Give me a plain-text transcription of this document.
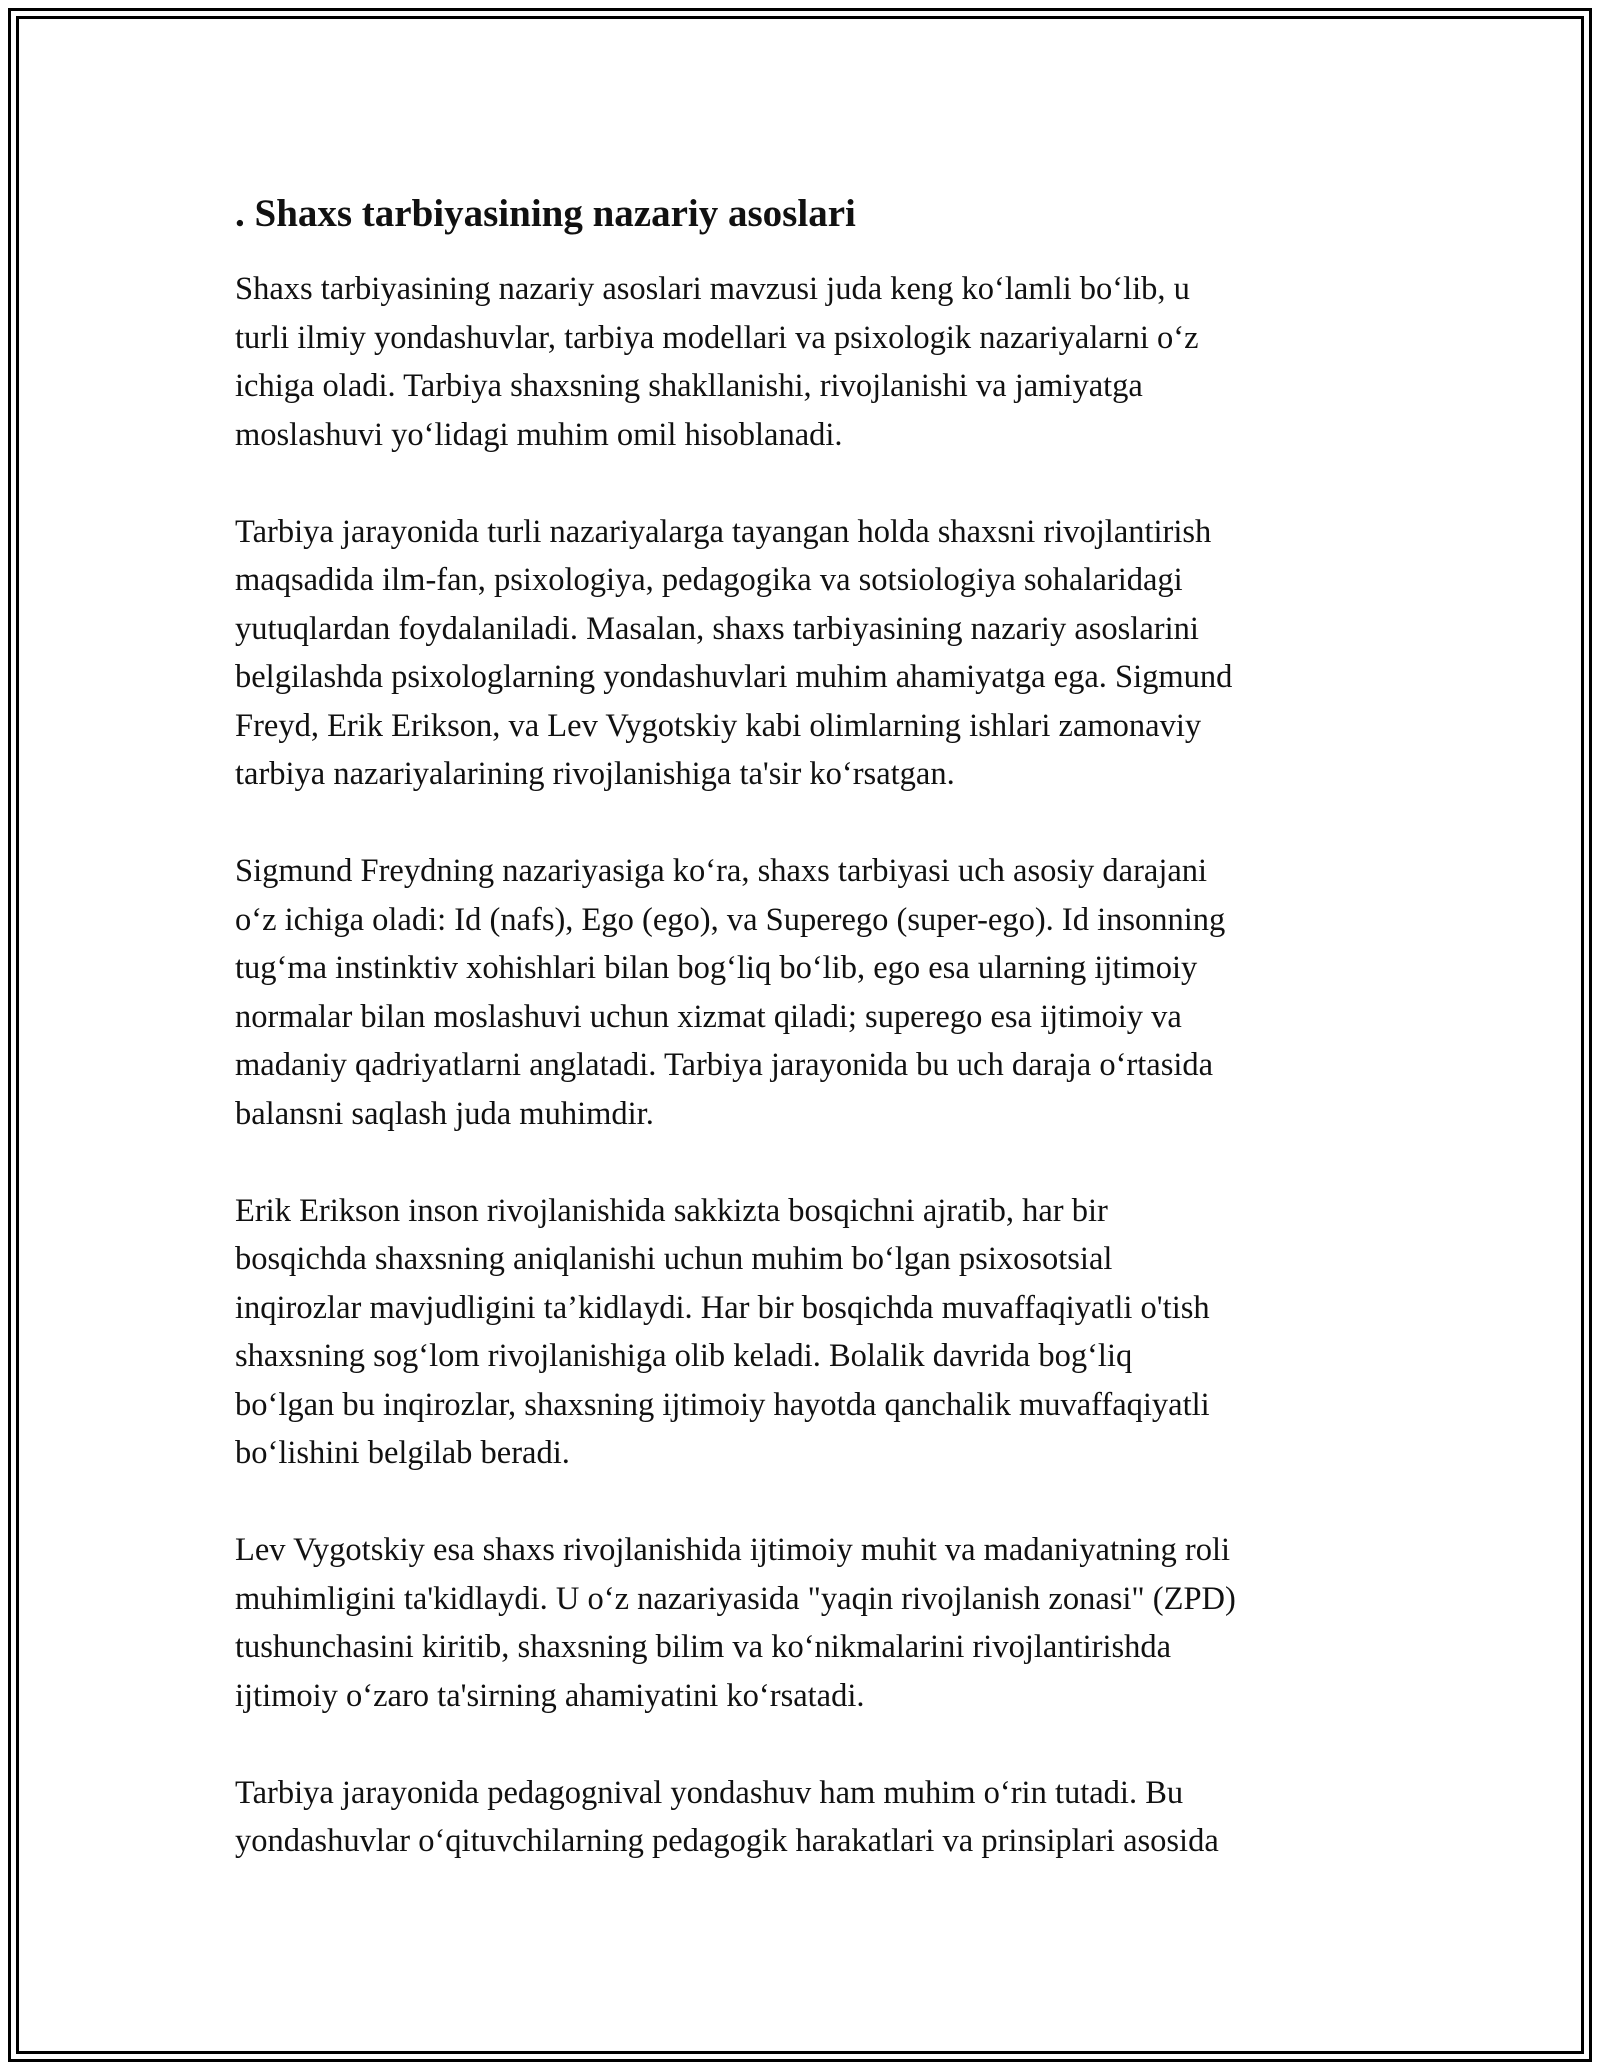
. Shaxs tarbiyasining nazariy asoslari
Shaxs tarbiyasining nazariy asoslari mavzusi juda keng ko‘lamli bo‘lib, u
turli ilmiy yondashuvlar, tarbiya modellari va psixologik nazariyalarni o‘z
ichiga oladi. Tarbiya shaxsning shakllanishi, rivojlanishi va jamiyatga
moslashuvi yo‘lidagi muhim omil hisoblanadi.
Tarbiya jarayonida turli nazariyalarga tayangan holda shaxsni rivojlantirish
maqsadida ilm-fan, psixologiya, pedagogika va sotsiologiya sohalaridagi
yutuqlardan foydalaniladi. Masalan, shaxs tarbiyasining nazariy asoslarini
belgilashda psixologlarning yondashuvlari muhim ahamiyatga ega. Sigmund
Freyd, Erik Erikson, va Lev Vygotskiy kabi olimlarning ishlari zamonaviy
tarbiya nazariyalarining rivojlanishiga ta'sir ko‘rsatgan.
Sigmund Freydning nazariyasiga ko‘ra, shaxs tarbiyasi uch asosiy darajani
o‘z ichiga oladi: Id (nafs), Ego (ego), va Superego (super-ego). Id insonning
tug‘ma instinktiv xohishlari bilan bog‘liq bo‘lib, ego esa ularning ijtimoiy
normalar bilan moslashuvi uchun xizmat qiladi; superego esa ijtimoiy va
madaniy qadriyatlarni anglatadi. Tarbiya jarayonida bu uch daraja o‘rtasida
balansni saqlash juda muhimdir.
Erik Erikson inson rivojlanishida sakkizta bosqichni ajratib, har bir
bosqichda shaxsning aniqlanishi uchun muhim bo‘lgan psixosotsial
inqirozlar mavjudligini ta’kidlaydi. Har bir bosqichda muvaffaqiyatli o'tish
shaxsning sog‘lom rivojlanishiga olib keladi. Bolalik davrida bog‘liq
bo‘lgan bu inqirozlar, shaxsning ijtimoiy hayotda qanchalik muvaffaqiyatli
bo‘lishini belgilab beradi.
Lev Vygotskiy esa shaxs rivojlanishida ijtimoiy muhit va madaniyatning roli
muhimligini ta'kidlaydi. U o‘z nazariyasida "yaqin rivojlanish zonasi" (ZPD)
tushunchasini kiritib, shaxsning bilim va ko‘nikmalarini rivojlantirishda
ijtimoiy o‘zaro ta'sirning ahamiyatini ko‘rsatadi.
Tarbiya jarayonida pedagognival yondashuv ham muhim o‘rin tutadi. Bu
yondashuvlar o‘qituvchilarning pedagogik harakatlari va prinsiplari asosida
